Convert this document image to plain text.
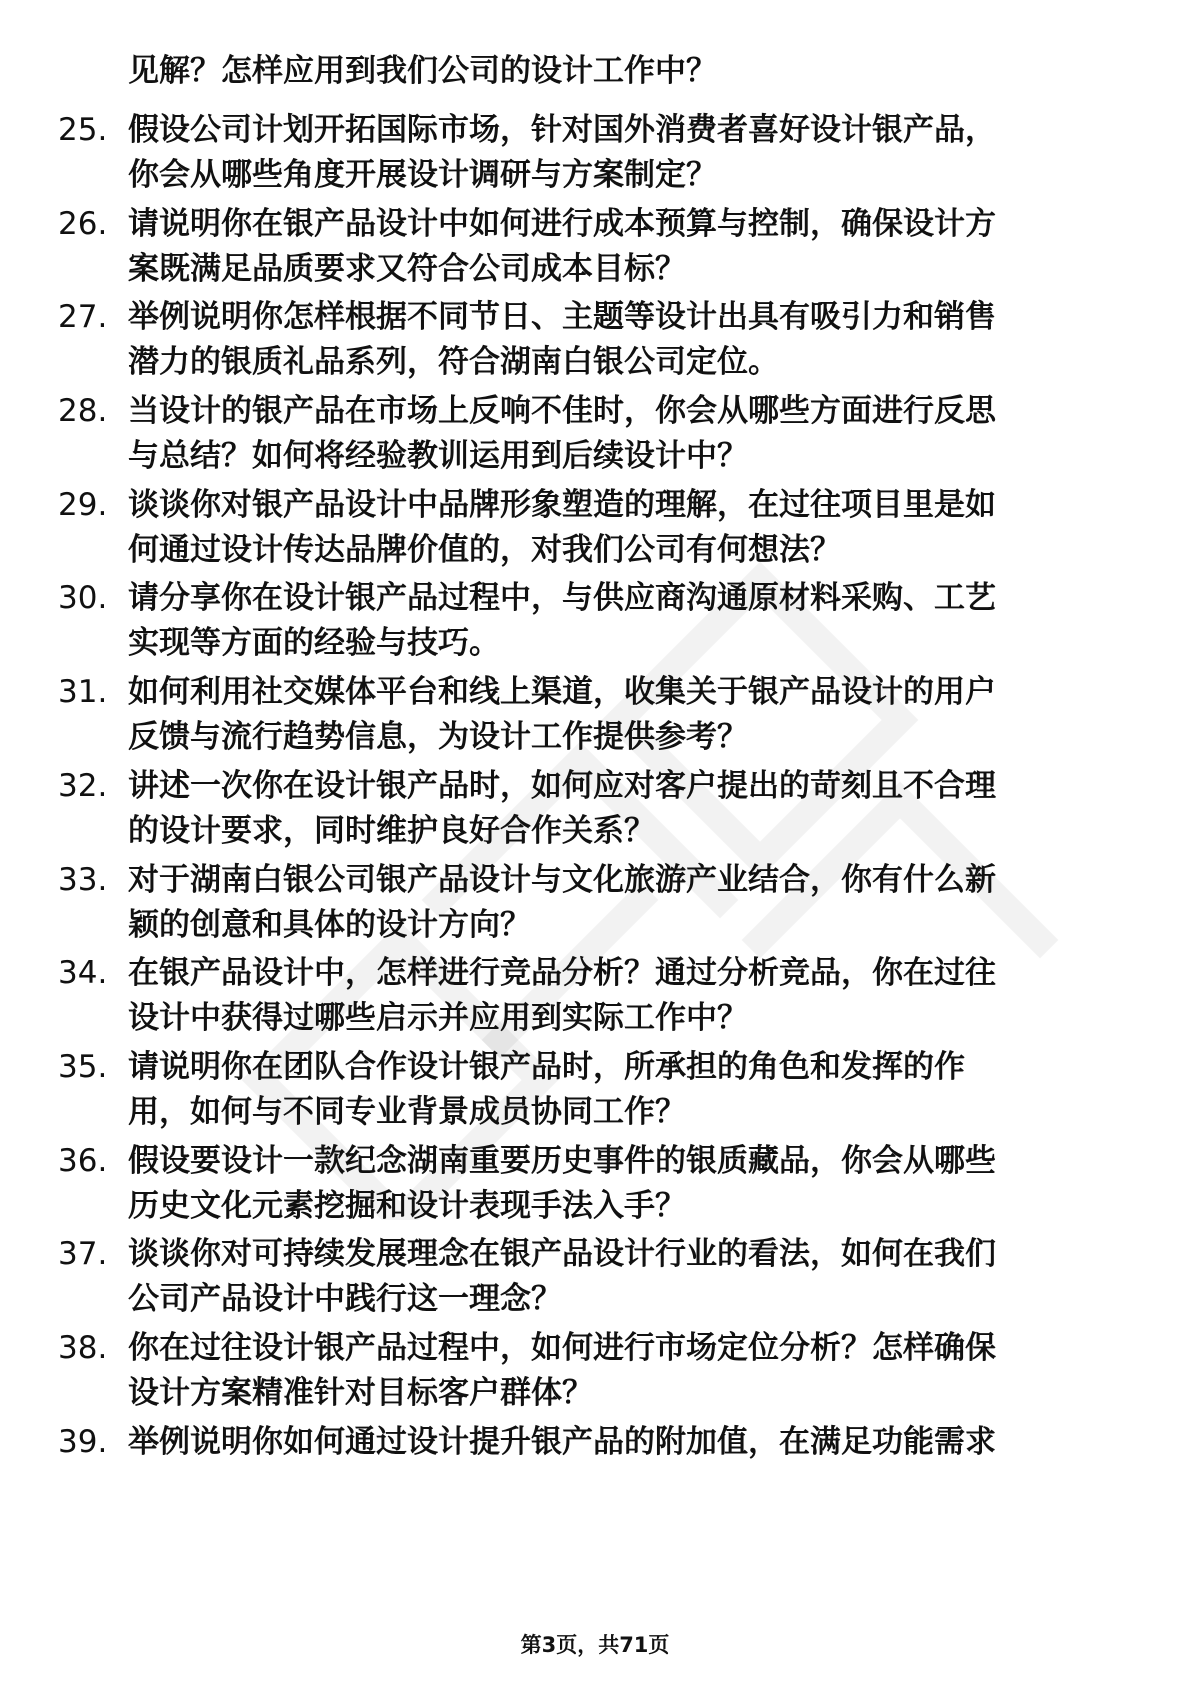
见解？怎样应用到我们公司的设计工作中？
25. 假设公司计划开拓国际市场，针对国外消费者喜好设计银产品，
你会从哪些角度开展设计调研与方案制定？
26. 请说明你在银产品设计中如何进行成本预算与控制，确保设计方
案既满足品质要求又符合公司成本目标？
27. 举例说明你怎样根据不同节日、主题等设计出具有吸引力和销售
潜力的银质礼品系列，符合湖南白银公司定位。
28. 当设计的银产品在市场上反响不佳时，你会从哪些方面进行反思
与总结？如何将经验教训运用到后续设计中？
29. 谈谈你对银产品设计中品牌形象塑造的理解，在过往项目里是如
何通过设计传达品牌价值的，对我们公司有何想法？
30. 请分享你在设计银产品过程中，与供应商沟通原材料采购、工艺
实现等方面的经验与技巧。
31. 如何利用社交媒体平台和线上渠道，收集关于银产品设计的用户
反馈与流行趋势信息，为设计工作提供参考？
32. 讲述一次你在设计银产品时，如何应对客户提出的苛刻且不合理
的设计要求，同时维护良好合作关系？
33. 对于湖南白银公司银产品设计与文化旅游产业结合，你有什么新
颖的创意和具体的设计方向？
34. 在银产品设计中，怎样进行竞品分析？通过分析竞品，你在过往
设计中获得过哪些启示并应用到实际工作中？
35. 请说明你在团队合作设计银产品时，所承担的角色和发挥的作
用，如何与不同专业背景成员协同工作？
36. 假设要设计一款纪念湖南重要历史事件的银质藏品，你会从哪些
历史文化元素挖掘和设计表现手法入手？
37. 谈谈你对可持续发展理念在银产品设计行业的看法，如何在我们
公司产品设计中践行这一理念？
38. 你在过往设计银产品过程中，如何进行市场定位分析？怎样确保
设计方案精准针对目标客户群体？
39. 举例说明你如何通过设计提升银产品的附加值，在满足功能需求
第3页，共71页
